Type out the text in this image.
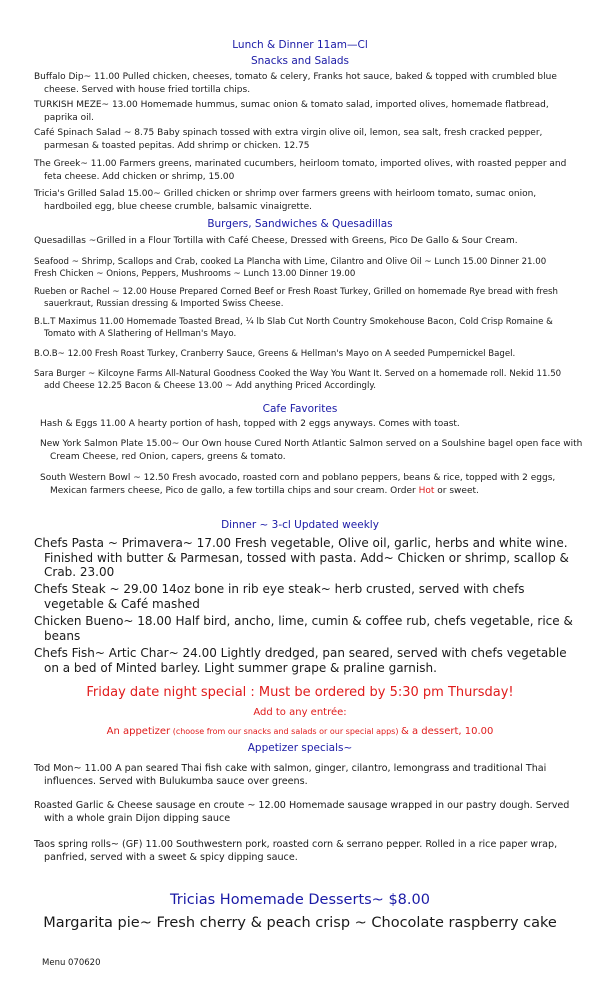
Lunch & Dinner 11am—Cl
Snacks and Salads
Buffalo Dip~ 11.00 Pulled chicken, cheeses, tomato & celery, Franks hot sauce, baked & topped with crumbled blue cheese. Served with house fried tortilla chips.
TURKISH MEZE~ 13.00 Homemade hummus, sumac onion & tomato salad, imported olives, homemade flatbread, paprika oil.
Café Spinach Salad ~ 8.75 Baby spinach tossed with extra virgin olive oil, lemon, sea salt, fresh cracked pepper, parmesan & toasted pepitas. Add shrimp or chicken. 12.75
The Greek~ 11.00 Farmers greens, marinated cucumbers, heirloom tomato, imported olives, with roasted pepper and feta cheese. Add chicken or shrimp, 15.00
Tricia's Grilled Salad 15.00~ Grilled chicken or shrimp over farmers greens with heirloom tomato, sumac onion, hardboiled egg, blue cheese crumble, balsamic vinaigrette.
Burgers, Sandwiches & Quesadillas
Quesadillas ~Grilled in a Flour Tortilla with Café Cheese, Dressed with Greens, Pico De Gallo & Sour Cream.
Seafood ~ Shrimp, Scallops and Crab, cooked La Plancha with Lime, Cilantro and Olive Oil ~ Lunch 15.00 Dinner 21.00
Fresh Chicken ~ Onions, Peppers, Mushrooms ~ Lunch 13.00 Dinner 19.00
Rueben or Rachel ~ 12.00 House Prepared Corned Beef or Fresh Roast Turkey, Grilled on homemade Rye bread with fresh sauerkraut, Russian dressing & Imported Swiss Cheese.
B.L.T Maximus 11.00 Homemade Toasted Bread, ¼ lb Slab Cut North Country Smokehouse Bacon, Cold Crisp Romaine & Tomato with A Slathering of Hellman's Mayo.
B.O.B~ 12.00 Fresh Roast Turkey, Cranberry Sauce, Greens & Hellman's Mayo on A seeded Pumpernickel Bagel.
Sara Burger ~ Kilcoyne Farms All-Natural Goodness Cooked the Way You Want It. Served on a homemade roll. Nekid 11.50 add Cheese 12.25 Bacon & Cheese 13.00 ~ Add anything Priced Accordingly.
Cafe Favorites
Hash & Eggs 11.00 A hearty portion of hash, topped with 2 eggs anyways. Comes with toast.
New York Salmon Plate 15.00~ Our Own house Cured North Atlantic Salmon served on a Soulshine bagel open face with Cream Cheese, red Onion, capers, greens & tomato.
South Western Bowl ~ 12.50 Fresh avocado, roasted corn and poblano peppers, beans & rice, topped with 2 eggs, Mexican farmers cheese, Pico de gallo, a few tortilla chips and sour cream. Order Hot or sweet.
Dinner ~ 3-cl Updated weekly
Chefs Pasta ~ Primavera~ 17.00 Fresh vegetable, Olive oil, garlic, herbs and white wine. Finished with butter & Parmesan, tossed with pasta. Add~ Chicken or shrimp, scallop & Crab. 23.00
Chefs Steak ~ 29.00 14oz bone in rib eye steak~ herb crusted, served with chefs vegetable & Café mashed
Chicken Bueno~ 18.00 Half bird, ancho, lime, cumin & coffee rub, chefs vegetable, rice & beans
Chefs Fish~ Artic Char~ 24.00 Lightly dredged, pan seared, served with chefs vegetable on a bed of Minted barley. Light summer grape & praline garnish.
Friday date night special : Must be ordered by 5:30 pm Thursday!
Add to any entrée:
An appetizer (choose from our snacks and salads or our special apps) & a dessert, 10.00
Appetizer specials~
Tod Mon~ 11.00 A pan seared Thai fish cake with salmon, ginger, cilantro, lemongrass and traditional Thai influences. Served with Bulukumba sauce over greens.
Roasted Garlic & Cheese sausage en croute ~ 12.00 Homemade sausage wrapped in our pastry dough. Served with a whole grain Dijon dipping sauce
Taos spring rolls~ (GF) 11.00 Southwestern pork, roasted corn & serrano pepper. Rolled in a rice paper wrap, panfried, served with a sweet & spicy dipping sauce.
Tricias Homemade Desserts~ $8.00
Margarita pie~ Fresh cherry & peach crisp ~ Chocolate raspberry cake
Menu 070620
